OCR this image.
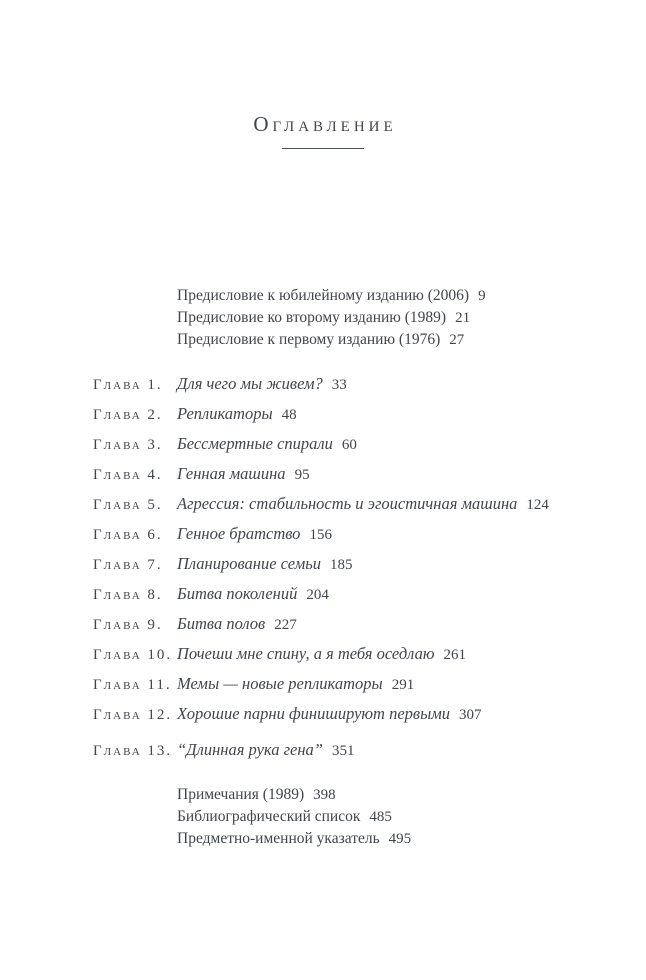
Оглавление
Предисловие к юбилейному изданию (2006) 9
Предисловие ко второму изданию (1989) 21
Предисловие к первому изданию (1976) 27
Глава 1. Для чего мы живем? 33
Глава 2. Репликаторы 48
Глава 3. Бессмертные спирали 60
Глава 4. Генная машина 95
Глава 5. Агрессия: стабильность и эгоистичная машина 124
Глава 6. Генное братство 156
Глава 7. Планирование семьи 185
Глава 8. Битва поколений 204
Глава 9. Битва полов 227
Глава 10. Почеши мне спину, а я тебя оседлаю 261
Глава 11. Мемы — новые репликаторы 291
Глава 12. Хорошие парни финишируют первыми 307
Глава 13. “Длинная рука гена” 351
Примечания (1989) 398
Библиографический список 485
Предметно-именной указатель 495
